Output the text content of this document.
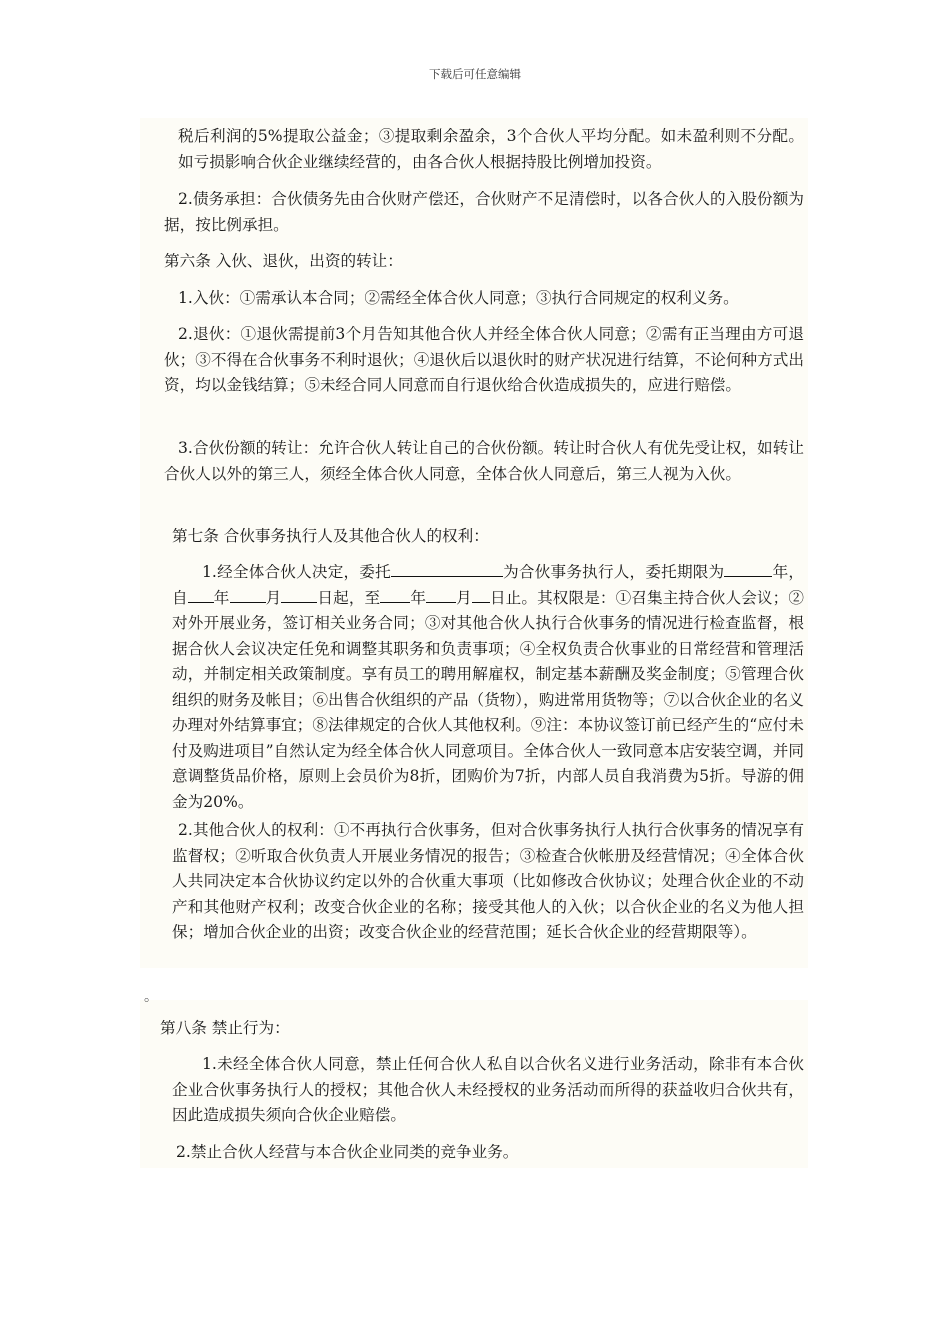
下载后可任意编辑

税后利润的5%提取公益金；③提取剩余盈余，3个合伙人平均分配。如未盈利则不分配。如亏损影响合伙企业继续经营的，由各合伙人根据持股比例增加投资。

2.债务承担：合伙债务先由合伙财产偿还，合伙财产不足清偿时，以各合伙人的入股份额为据，按比例承担。

第六条 入伙、退伙，出资的转让：

1.入伙：①需承认本合同；②需经全体合伙人同意；③执行合同规定的权利义务。

2.退伙：①退伙需提前3个月告知其他合伙人并经全体合伙人同意；②需有正当理由方可退伙；③不得在合伙事务不利时退伙；④退伙后以退伙时的财产状况进行结算，不论何种方式出资，均以金钱结算；⑤未经合同人同意而自行退伙给合伙造成损失的，应进行赔偿。

3.合伙份额的转让：允许合伙人转让自己的合伙份额。转让时合伙人有优先受让权，如转让合伙人以外的第三人，须经全体合伙人同意，全体合伙人同意后，第三人视为入伙。

第七条 合伙事务执行人及其他合伙人的权利：

1.经全体合伙人决定，委托	为合伙事务执行人，委托期限为	年，自 年 月 日起，至 年 月 日止。其权限是：①召集主持合伙人会议；②对外开展业务，签订相关业务合同；③对其他合伙人执行合伙事务的情况进行检查监督，根据合伙人会议决定任免和调整其职务和负责事项；④全权负责合伙事业的日常经营和管理活动，并制定相关政策制度。享有员工的聘用解雇权，制定基本薪酬及奖金制度；⑤管理合伙组织的财务及帐目；⑥出售合伙组织的产品（货物），购进常用货物等；⑦以合伙企业的名义办理对外结算事宜；⑧法律规定的合伙人其他权利。⑨注：本协议签订前已经产生的“应付未付及购进项目”自然认定为经全体合伙人同意项目。全体合伙人一致同意本店安装空调，并同意调整货品价格，原则上会员价为8折，团购价为7折，内部人员自我消费为5折。导游的佣金为20%。

2.其他合伙人的权利：①不再执行合伙事务，但对合伙事务执行人执行合伙事务的情况享有监督权；②听取合伙负责人开展业务情况的报告；③检查合伙帐册及经营情况；④全体合伙人共同决定本合伙协议约定以外的合伙重大事项（比如修改合伙协议；处理合伙企业的不动产和其他财产权利；改变合伙企业的名称；接受其他人的入伙；以合伙企业的名义为他人担保；增加合伙企业的出资；改变合伙企业的经营范围；延长合伙企业的经营期限等）。

。

第八条 禁止行为：

1.未经全体合伙人同意，禁止任何合伙人私自以合伙名义进行业务活动，除非有本合伙企业合伙事务执行人的授权；其他合伙人未经授权的业务活动而所得的获益收归合伙共有，因此造成损失须向合伙企业赔偿。

2.禁止合伙人经营与本合伙企业同类的竞争业务。
